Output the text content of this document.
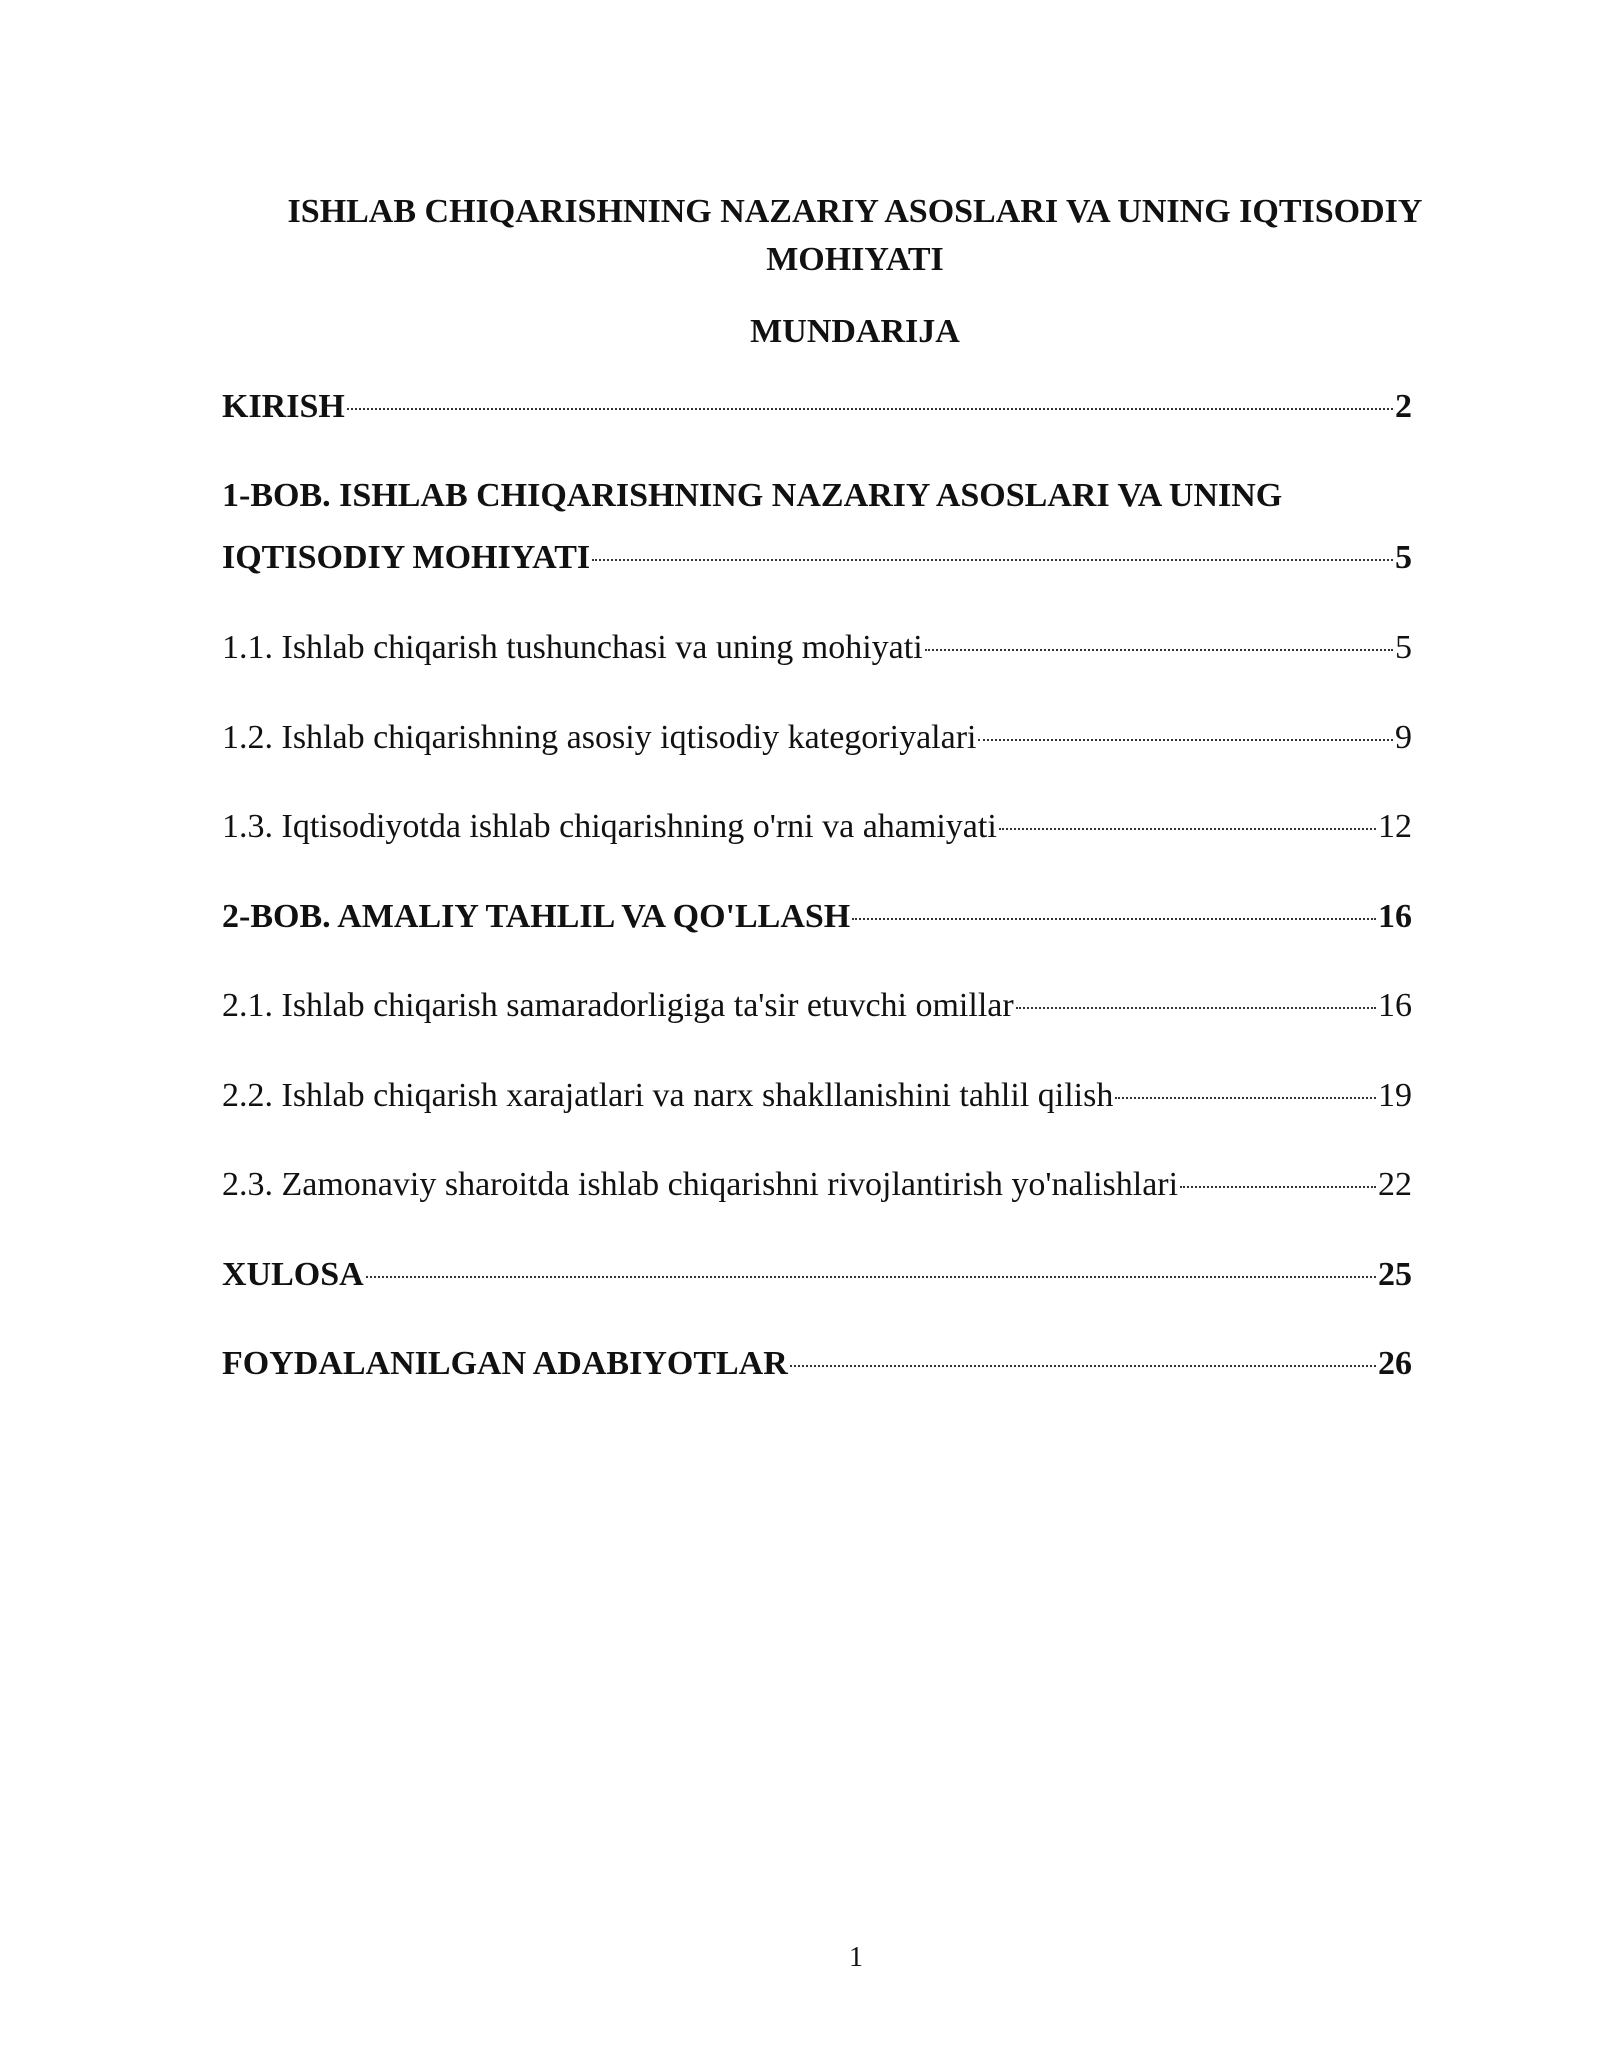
ISHLAB CHIQARISHNING NAZARIY ASOSLARI VA UNING IQTISODIY MOHIYATI
MUNDARIJA
KIRISH	2
1-BOB. ISHLAB CHIQARISHNING NAZARIY ASOSLARI VA UNING
IQTISODIY MOHIYATI	5
1.1. Ishlab chiqarish tushunchasi va uning mohiyati	5
1.2. Ishlab chiqarishning asosiy iqtisodiy kategoriyalari	9
1.3. Iqtisodiyotda ishlab chiqarishning o'rni va ahamiyati	12
2-BOB. AMALIY TAHLIL VA QO'LLASH	16
2.1. Ishlab chiqarish samaradorligiga ta'sir etuvchi omillar	16
2.2. Ishlab chiqarish xarajatlari va narx shakllanishini tahlil qilish	19
2.3. Zamonaviy sharoitda ishlab chiqarishni rivojlantirish yo'nalishlari	22
XULOSA	25
FOYDALANILGAN ADABIYOTLAR	26
1
